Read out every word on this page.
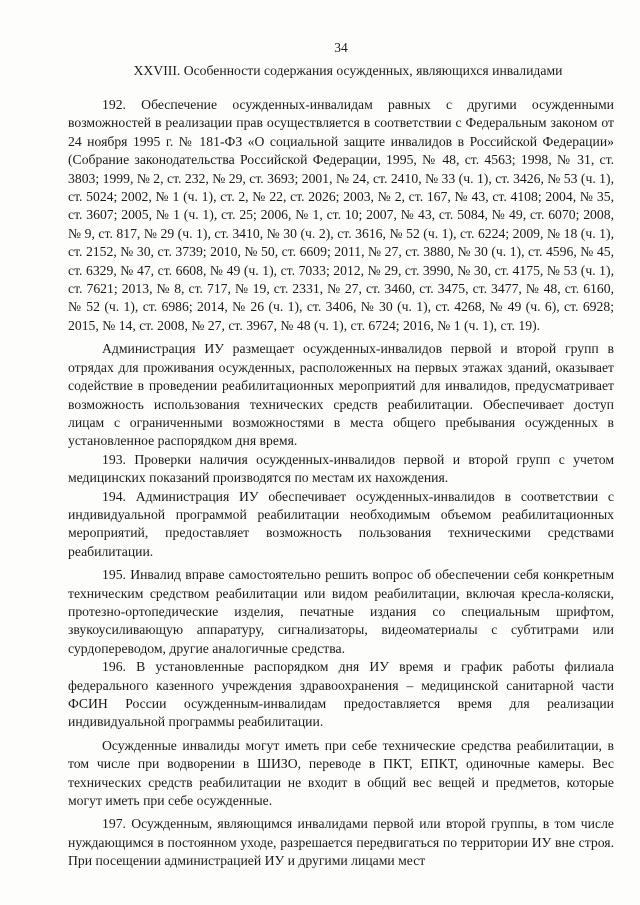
34
XXVIII. Особенности содержания осужденных, являющихся инвалидами

192. Обеспечение осужденных-инвалидам равных с другими осужденными возможностей в реализации прав осуществляется в соответствии с Федеральным законом от 24 ноября 1995 г. № 181-ФЗ «О социальной защите инвалидов в Российской Федерации» (Собрание законодательства Российской Федерации, 1995, № 48, ст. 4563; 1998, № 31, ст. 3803; 1999, № 2, ст. 232, № 29, ст. 3693; 2001, № 24, ст. 2410, № 33 (ч. 1), ст. 3426, № 53 (ч. 1), ст. 5024; 2002, № 1 (ч. 1), ст. 2, № 22, ст. 2026; 2003, № 2, ст. 167, № 43, ст. 4108; 2004, № 35, ст. 3607; 2005, № 1 (ч. 1), ст. 25; 2006, № 1, ст. 10; 2007, № 43, ст. 5084, № 49, ст. 6070; 2008, № 9, ст. 817, № 29 (ч. 1), ст. 3410, № 30 (ч. 2), ст. 3616, № 52 (ч. 1), ст. 6224; 2009, № 18 (ч. 1), ст. 2152, № 30, ст. 3739; 2010, № 50, ст. 6609; 2011, № 27, ст. 3880, № 30 (ч. 1), ст. 4596, № 45, ст. 6329, № 47, ст. 6608, № 49 (ч. 1), ст. 7033; 2012, № 29, ст. 3990, № 30, ст. 4175, № 53 (ч. 1), ст. 7621; 2013, № 8, ст. 717, № 19, ст. 2331, № 27, ст. 3460, ст. 3475, ст. 3477, № 48, ст. 6160, № 52 (ч. 1), ст. 6986; 2014, № 26 (ч. 1), ст. 3406, № 30 (ч. 1), ст. 4268, № 49 (ч. 6), ст. 6928; 2015, № 14, ст. 2008, № 27, ст. 3967, № 48 (ч. 1), ст. 6724; 2016, № 1 (ч. 1), ст. 19).

Администрация ИУ размещает осужденных-инвалидов первой и второй групп в отрядах для проживания осужденных, расположенных на первых этажах зданий, оказывает содействие в проведении реабилитационных мероприятий для инвалидов, предусматривает возможность использования технических средств реабилитации. Обеспечивает доступ лицам с ограниченными возможностями в места общего пребывания осужденных в установленное распорядком дня время.

193. Проверки наличия осужденных-инвалидов первой и второй групп с учетом медицинских показаний производятся по местам их нахождения.

194. Администрация ИУ обеспечивает осужденных-инвалидов в соответствии с индивидуальной программой реабилитации необходимым объемом реабилитационных мероприятий, предоставляет возможность пользования техническими средствами реабилитации.

195. Инвалид вправе самостоятельно решить вопрос об обеспечении себя конкретным техническим средством реабилитации или видом реабилитации, включая кресла-коляски, протезно-ортопедические изделия, печатные издания со специальным шрифтом, звукоусиливающую аппаратуру, сигнализаторы, видеоматериалы с субтитрами или сурдопереводом, другие аналогичные средства.

196. В установленные распорядком дня ИУ время и график работы филиала федерального казенного учреждения здравоохранения – медицинской санитарной части ФСИН России осужденным-инвалидам предоставляется время для реализации индивидуальной программы реабилитации.

Осужденные инвалиды могут иметь при себе технические средства реабилитации, в том числе при водворении в ШИЗО, переводе в ПКТ, ЕПКТ, одиночные камеры. Вес технических средств реабилитации не входит в общий вес вещей и предметов, которые могут иметь при себе осужденные.

197. Осужденным, являющимся инвалидами первой или второй группы, в том числе нуждающимся в постоянном уходе, разрешается передвигаться по территории ИУ вне строя. При посещении администрацией ИУ и другими лицами мест
